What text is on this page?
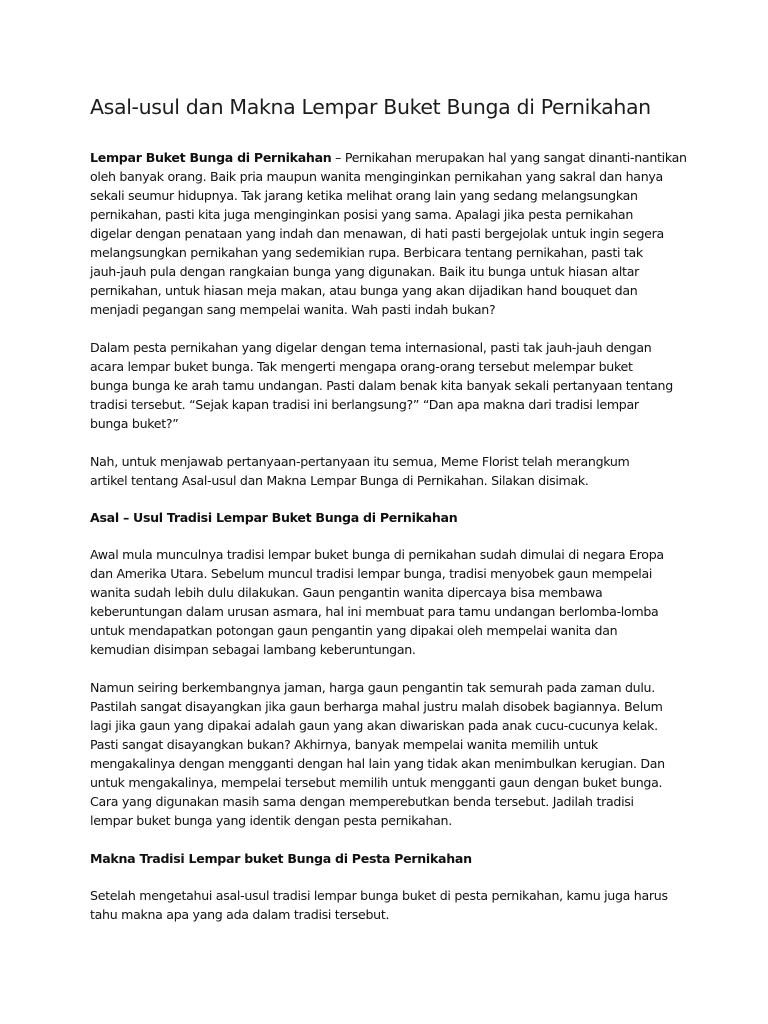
Asal-usul dan Makna Lempar Buket Bunga di Pernikahan

Lempar Buket Bunga di Pernikahan – Pernikahan merupakan hal yang sangat dinanti-nantikan
oleh banyak orang. Baik pria maupun wanita menginginkan pernikahan yang sakral dan hanya
sekali seumur hidupnya. Tak jarang ketika melihat orang lain yang sedang melangsungkan
pernikahan, pasti kita juga menginginkan posisi yang sama. Apalagi jika pesta pernikahan
digelar dengan penataan yang indah dan menawan, di hati pasti bergejolak untuk ingin segera
melangsungkan pernikahan yang sedemikian rupa. Berbicara tentang pernikahan, pasti tak
jauh-jauh pula dengan rangkaian bunga yang digunakan. Baik itu bunga untuk hiasan altar
pernikahan, untuk hiasan meja makan, atau bunga yang akan dijadikan hand bouquet dan
menjadi pegangan sang mempelai wanita. Wah pasti indah bukan?

Dalam pesta pernikahan yang digelar dengan tema internasional, pasti tak jauh-jauh dengan
acara lempar buket bunga. Tak mengerti mengapa orang-orang tersebut melempar buket
bunga bunga ke arah tamu undangan. Pasti dalam benak kita banyak sekali pertanyaan tentang
tradisi tersebut. “Sejak kapan tradisi ini berlangsung?” “Dan apa makna dari tradisi lempar
bunga buket?”

Nah, untuk menjawab pertanyaan-pertanyaan itu semua, Meme Florist telah merangkum
artikel tentang Asal-usul dan Makna Lempar Bunga di Pernikahan. Silakan disimak.

Asal – Usul Tradisi Lempar Buket Bunga di Pernikahan

Awal mula munculnya tradisi lempar buket bunga di pernikahan sudah dimulai di negara Eropa
dan Amerika Utara. Sebelum muncul tradisi lempar bunga, tradisi menyobek gaun mempelai
wanita sudah lebih dulu dilakukan. Gaun pengantin wanita dipercaya bisa membawa
keberuntungan dalam urusan asmara, hal ini membuat para tamu undangan berlomba-lomba
untuk mendapatkan potongan gaun pengantin yang dipakai oleh mempelai wanita dan
kemudian disimpan sebagai lambang keberuntungan.

Namun seiring berkembangnya jaman, harga gaun pengantin tak semurah pada zaman dulu.
Pastilah sangat disayangkan jika gaun berharga mahal justru malah disobek bagiannya. Belum
lagi jika gaun yang dipakai adalah gaun yang akan diwariskan pada anak cucu-cucunya kelak.
Pasti sangat disayangkan bukan? Akhirnya, banyak mempelai wanita memilih untuk
mengakalinya dengan mengganti dengan hal lain yang tidak akan menimbulkan kerugian. Dan
untuk mengakalinya, mempelai tersebut memilih untuk mengganti gaun dengan buket bunga.
Cara yang digunakan masih sama dengan memperebutkan benda tersebut. Jadilah tradisi
lempar buket bunga yang identik dengan pesta pernikahan.

Makna Tradisi Lempar buket Bunga di Pesta Pernikahan

Setelah mengetahui asal-usul tradisi lempar bunga buket di pesta pernikahan, kamu juga harus
tahu makna apa yang ada dalam tradisi tersebut.
